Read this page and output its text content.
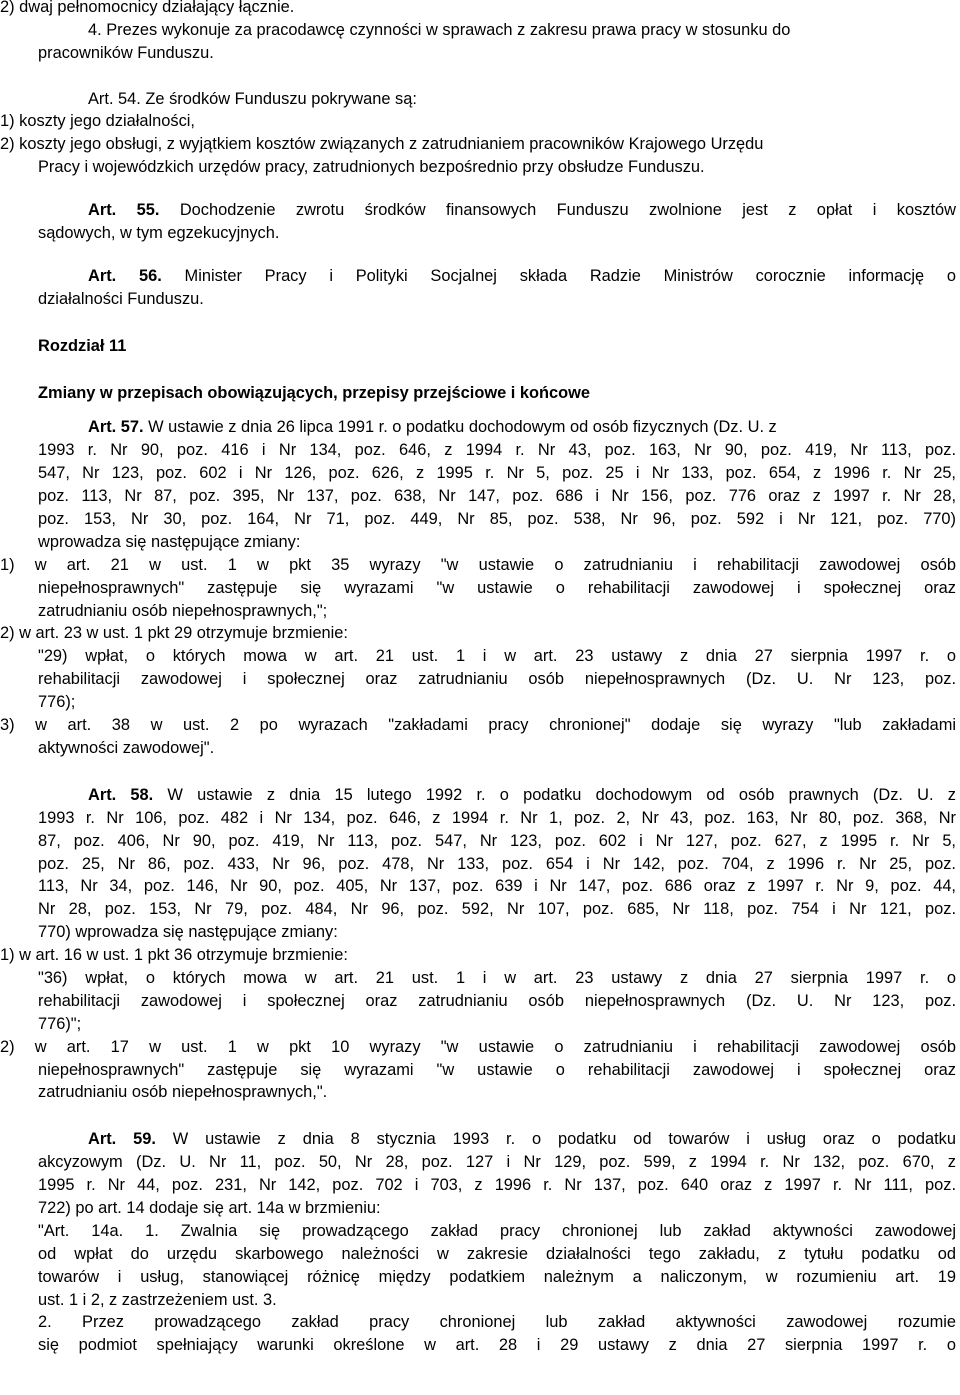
2) dwaj pełnomocnicy działający łącznie.
4. Prezes wykonuje za pracodawcę czynności w sprawach z zakresu prawa pracy w stosunku do
pracowników Funduszu.
Art. 54. Ze środków Funduszu pokrywane są:
1) koszty jego działalności,
2) koszty jego obsługi, z wyjątkiem kosztów związanych z zatrudnianiem pracowników Krajowego Urzędu
Pracy i wojewódzkich urzędów pracy, zatrudnionych bezpośrednio przy obsłudze Funduszu.
Art. 55. Dochodzenie zwrotu środków finansowych Funduszu zwolnione jest z opłat i kosztów
sądowych, w tym egzekucyjnych.
Art. 56. Minister Pracy i Polityki Socjalnej składa Radzie Ministrów corocznie informację o
działalności Funduszu.
Rozdział 11
Zmiany w przepisach obowiązujących, przepisy przejściowe i końcowe
Art. 57. W ustawie z dnia 26 lipca 1991 r. o podatku dochodowym od osób fizycznych (Dz. U. z
1993 r. Nr 90, poz. 416 i Nr 134, poz. 646, z 1994 r. Nr 43, poz. 163, Nr 90, poz. 419, Nr 113, poz.
547, Nr 123, poz. 602 i Nr 126, poz. 626, z 1995 r. Nr 5, poz. 25 i Nr 133, poz. 654, z 1996 r. Nr 25,
poz. 113, Nr 87, poz. 395, Nr 137, poz. 638, Nr 147, poz. 686 i Nr 156, poz. 776 oraz z 1997 r. Nr 28,
poz. 153, Nr 30, poz. 164, Nr 71, poz. 449, Nr 85, poz. 538, Nr 96, poz. 592 i Nr 121, poz. 770)
wprowadza się następujące zmiany:
1) w art. 21 w ust. 1 w pkt 35 wyrazy "w ustawie o zatrudnianiu i rehabilitacji zawodowej osób
niepełnosprawnych" zastępuje się wyrazami "w ustawie o rehabilitacji zawodowej i społecznej oraz
zatrudnianiu osób niepełnosprawnych,";
2) w art. 23 w ust. 1 pkt 29 otrzymuje brzmienie:
"29) wpłat, o których mowa w art. 21 ust. 1 i w art. 23 ustawy z dnia 27 sierpnia 1997 r. o
rehabilitacji zawodowej i społecznej oraz zatrudnianiu osób niepełnosprawnych (Dz. U. Nr 123, poz.
776);
3) w art. 38 w ust. 2 po wyrazach "zakładami pracy chronionej" dodaje się wyrazy "lub zakładami
aktywności zawodowej".
Art. 58. W ustawie z dnia 15 lutego 1992 r. o podatku dochodowym od osób prawnych (Dz. U. z
1993 r. Nr 106, poz. 482 i Nr 134, poz. 646, z 1994 r. Nr 1, poz. 2, Nr 43, poz. 163, Nr 80, poz. 368, Nr
87, poz. 406, Nr 90, poz. 419, Nr 113, poz. 547, Nr 123, poz. 602 i Nr 127, poz. 627, z 1995 r. Nr 5,
poz. 25, Nr 86, poz. 433, Nr 96, poz. 478, Nr 133, poz. 654 i Nr 142, poz. 704, z 1996 r. Nr 25, poz.
113, Nr 34, poz. 146, Nr 90, poz. 405, Nr 137, poz. 639 i Nr 147, poz. 686 oraz z 1997 r. Nr 9, poz. 44,
Nr 28, poz. 153, Nr 79, poz. 484, Nr 96, poz. 592, Nr 107, poz. 685, Nr 118, poz. 754 i Nr 121, poz.
770) wprowadza się następujące zmiany:
1) w art. 16 w ust. 1 pkt 36 otrzymuje brzmienie:
"36) wpłat, o których mowa w art. 21 ust. 1 i w art. 23 ustawy z dnia 27 sierpnia 1997 r. o
rehabilitacji zawodowej i społecznej oraz zatrudnianiu osób niepełnosprawnych (Dz. U. Nr 123, poz.
776)";
2) w art. 17 w ust. 1 w pkt 10 wyrazy "w ustawie o zatrudnianiu i rehabilitacji zawodowej osób
niepełnosprawnych" zastępuje się wyrazami "w ustawie o rehabilitacji zawodowej i społecznej oraz
zatrudnianiu osób niepełnosprawnych,".
Art. 59. W ustawie z dnia 8 stycznia 1993 r. o podatku od towarów i usług oraz o podatku
akcyzowym (Dz. U. Nr 11, poz. 50, Nr 28, poz. 127 i Nr 129, poz. 599, z 1994 r. Nr 132, poz. 670, z
1995 r. Nr 44, poz. 231, Nr 142, poz. 702 i 703, z 1996 r. Nr 137, poz. 640 oraz z 1997 r. Nr 111, poz.
722) po art. 14 dodaje się art. 14a w brzmieniu:
"Art. 14a. 1. Zwalnia się prowadzącego zakład pracy chronionej lub zakład aktywności zawodowej
od wpłat do urzędu skarbowego należności w zakresie działalności tego zakładu, z tytułu podatku od
towarów i usług, stanowiącej różnicę między podatkiem należnym a naliczonym, w rozumieniu art. 19
ust. 1 i 2, z zastrzeżeniem ust. 3.
2. Przez prowadzącego zakład pracy chronionej lub zakład aktywności zawodowej rozumie
się podmiot spełniający warunki określone w art. 28 i 29 ustawy z dnia 27 sierpnia 1997 r. o
